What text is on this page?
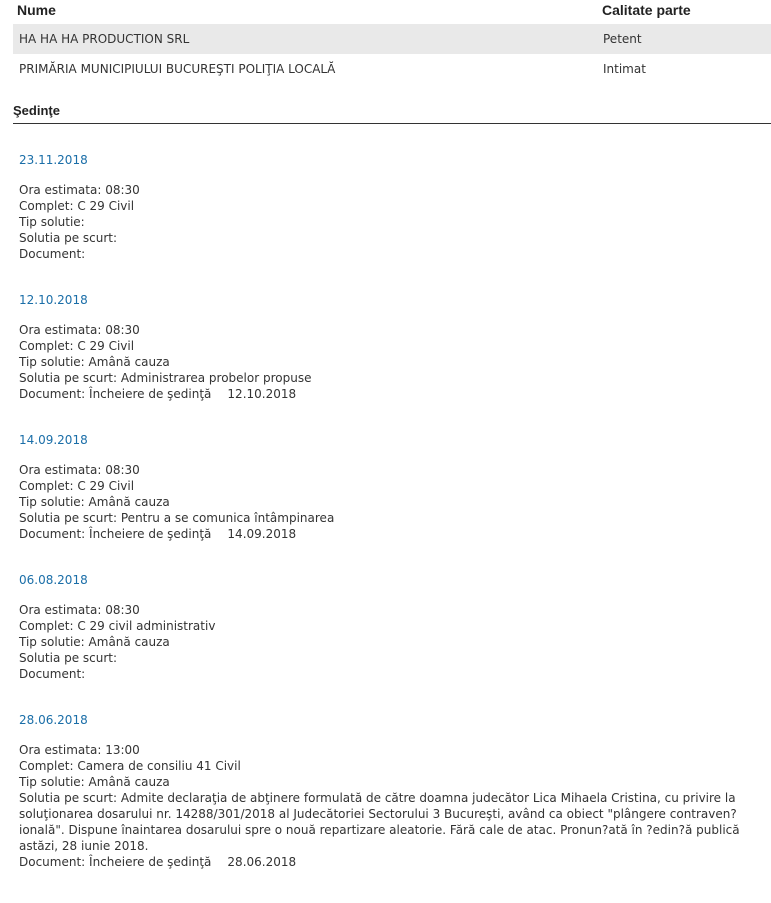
Nume	Calitate parte
HA HA HA PRODUCTION SRL	Petent
PRIMĂRIA MUNICIPIULUI BUCUREŞTI POLIŢIA LOCALĂ	Intimat
Şedinţe
23.11.2018
Ora estimata: 08:30
Complet: C 29 Civil
Tip solutie:
Solutia pe scurt:
Document:
12.10.2018
Ora estimata: 08:30
Complet: C 29 Civil
Tip solutie: Amână cauza
Solutia pe scurt: Administrarea probelor propuse
Document: Încheiere de şedinţă 12.10.2018
14.09.2018
Ora estimata: 08:30
Complet: C 29 Civil
Tip solutie: Amână cauza
Solutia pe scurt: Pentru a se comunica întâmpinarea
Document: Încheiere de şedinţă 14.09.2018
06.08.2018
Ora estimata: 08:30
Complet: C 29 civil administrativ
Tip solutie: Amână cauza
Solutia pe scurt:
Document:
28.06.2018
Ora estimata: 13:00
Complet: Camera de consiliu 41 Civil
Tip solutie: Amână cauza
Solutia pe scurt: Admite declaraţia de abţinere formulată de către doamna judecător Lica Mihaela Cristina, cu privire la soluţionarea dosarului nr. 14288/301/2018 al Judecătoriei Sectorului 3 Bucureşti, având ca obiect "plângere contraven?ională". Dispune înaintarea dosarului spre o nouă repartizare aleatorie. Fără cale de atac. Pronun?ată în ?edin?ă publică astăzi, 28 iunie 2018.
Document: Încheiere de şedinţă 28.06.2018
